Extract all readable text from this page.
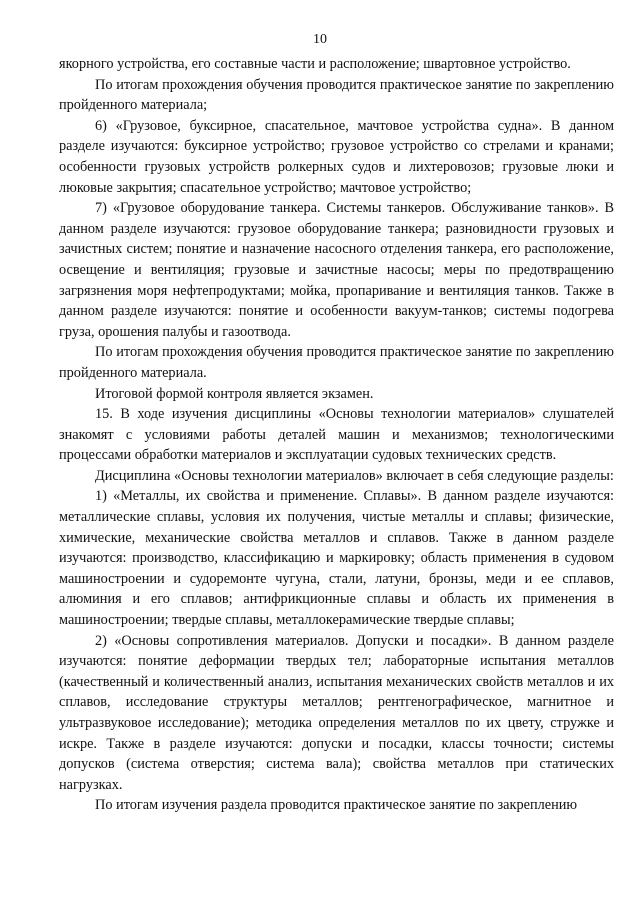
10

якорного устройства, его составные части и расположение; швартовное устройство.

По итогам прохождения обучения проводится практическое занятие по закреплению пройденного материала;

6) «Грузовое, буксирное, спасательное, мачтовое устройства судна». В данном разделе изучаются: буксирное устройство; грузовое устройство со стрелами и кранами; особенности грузовых устройств ролкерных судов и лихтеровозов; грузовые люки и люковые закрытия; спасательное устройство; мачтовое устройство;

7) «Грузовое оборудование танкера. Системы танкеров. Обслуживание танков». В данном разделе изучаются: грузовое оборудование танкера; разновидности грузовых и зачистных систем; понятие и назначение насосного отделения танкера, его расположение, освещение и вентиляция; грузовые и зачистные насосы; меры по предотвращению загрязнения моря нефтепродуктами; мойка, пропаривание и вентиляция танков. Также в данном разделе изучаются: понятие и особенности вакуум-танков; системы подогрева груза, орошения палубы и газоотвода.

По итогам прохождения обучения проводится практическое занятие по закреплению пройденного материала.

Итоговой формой контроля является экзамен.

15. В ходе изучения дисциплины «Основы технологии материалов» слушателей знакомят с условиями работы деталей машин и механизмов; технологическими процессами обработки материалов и эксплуатации судовых технических средств.

Дисциплина «Основы технологии материалов» включает в себя следующие разделы:

1) «Металлы, их свойства и применение. Сплавы». В данном разделе изучаются: металлические сплавы, условия их получения, чистые металлы и сплавы; физические, химические, механические свойства металлов и сплавов. Также в данном разделе изучаются: производство, классификацию и маркировку; область применения в судовом машиностроении и судоремонте чугуна, стали, латуни, бронзы, меди и ее сплавов, алюминия и его сплавов; антифрикционные сплавы и область их применения в машиностроении; твердые сплавы, металлокерамические твердые сплавы;

2) «Основы сопротивления материалов. Допуски и посадки». В данном разделе изучаются: понятие деформации твердых тел; лабораторные испытания металлов (качественный и количественный анализ, испытания механических свойств металлов и их сплавов, исследование структуры металлов; рентгенографическое, магнитное и ультразвуковое исследование); методика определения металлов по их цвету, стружке и искре. Также в разделе изучаются: допуски и посадки, классы точности; системы допусков (система отверстия; система вала); свойства металлов при статических нагрузках.

По итогам изучения раздела проводится практическое занятие по закреплению
